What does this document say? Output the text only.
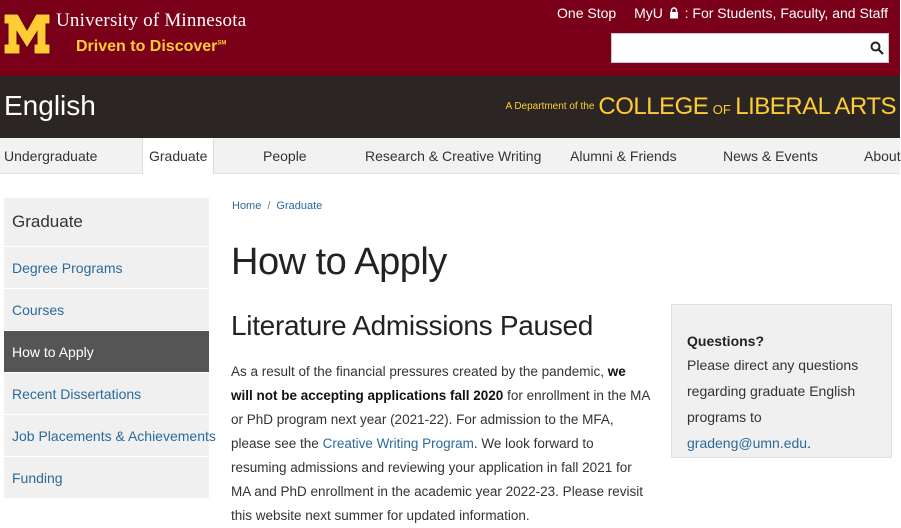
University of Minnesota
Driven to Discover℠
One Stop MyU : For Students, Faculty, and Staff
English	$^{A Department of the}$ COLLEGE OF LIBERAL ARTS
Undergraduate	Graduate	People	Research & Creative Writing Alumni & Friends	News & Events	About
Graduate
Degree Programs
Courses
How to Apply
Recent Dissertations
Job Placements & Achievements
Funding
Home / Graduate
How to Apply
Literature Admissions Paused

As a result of the financial pressures created by the pandemic, we will not be accepting applications fall 2020 for enrollment in the MA or PhD program next year (2021-22). For admission to the MFA, please see the Creative Writing Program. We look forward to resuming admissions and reviewing your application in fall 2021 for MA and PhD enrollment in the academic year 2022-23. Please revisit this website next summer for updated information.

Questions?
Please direct any questions regarding graduate English programs to gradeng@umn.edu.
